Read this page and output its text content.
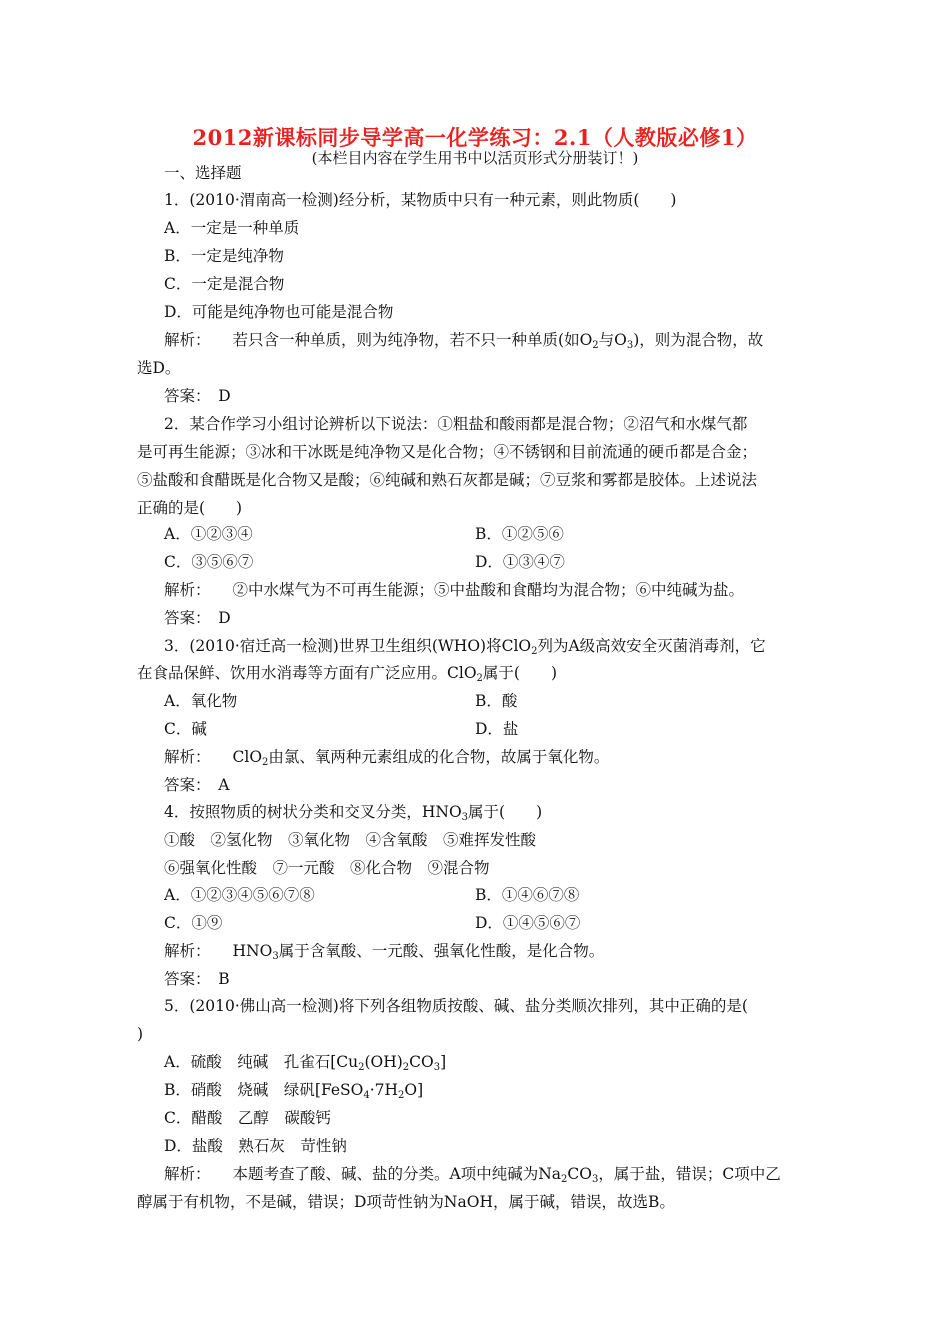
2012新课标同步导学高一化学练习：2.1（人教版必修1）
(本栏目内容在学生用书中以活页形式分册装订！)
一、选择题
1．(2010·渭南高一检测)经分析，某物质中只有一种元素，则此物质(　　)
A．一定是一种单质
B．一定是纯净物
C．一定是混合物
D．可能是纯净物也可能是混合物
解析： 若只含一种单质，则为纯净物，若不只一种单质(如$O_2$与$O_3$)，则为混合物，故
选D。
答案：　D
2．某合作学习小组讨论辨析以下说法：①粗盐和酸雨都是混合物；②沼气和水煤气都
是可再生能源；③冰和干冰既是纯净物又是化合物；④不锈钢和目前流通的硬币都是合金；
⑤盐酸和食醋既是化合物又是酸；⑥纯碱和熟石灰都是碱；⑦豆浆和雾都是胶体。上述说法
正确的是(　　)
A．①②③④	B．①②⑤⑥
C．③⑤⑥⑦	D．①③④⑦
解析： ②中水煤气为不可再生能源；⑤中盐酸和食醋均为混合物；⑥中纯碱为盐。
答案：　D
3．(2010·宿迁高一检测)世界卫生组织(WHO)将ClO$_2$列为A级高效安全灭菌消毒剂，它
在食品保鲜、饮用水消毒等方面有广泛应用。ClO$_2$属于(　　)
A．氧化物	B．酸
C．碱	D．盐
解析： ClO$_2$由氯、氧两种元素组成的化合物，故属于氧化物。
答案：　A
4．按照物质的树状分类和交叉分类，$HNO_3$属于(　　)
①酸　②氢化物　③氧化物　④含氧酸　⑤难挥发性酸
⑥强氧化性酸　⑦一元酸　⑧化合物　⑨混合物
A．①②③④⑤⑥⑦⑧	B．①④⑥⑦⑧
C．①⑨	D．①④⑤⑥⑦
解析： $HNO_3$属于含氧酸、一元酸、强氧化性酸，是化合物。
答案：　B
5．(2010·佛山高一检测)将下列各组物质按酸、碱、盐分类顺次排列，其中正确的是(
)
A．硫酸　纯碱　孔雀石$[Cu_2(OH)_2CO_3]$
B．硝酸　烧碱　绿矾$[FeSO_4\cdot 7H_2O]$
C．醋酸　乙醇　碳酸钙
D．盐酸　熟石灰　苛性钠
解析： 本题考查了酸、碱、盐的分类。A项中纯碱为$Na_2CO_3$，属于盐，错误；C项中乙
醇属于有机物，不是碱，错误；D项苛性钠为NaOH，属于碱，错误，故选B。
